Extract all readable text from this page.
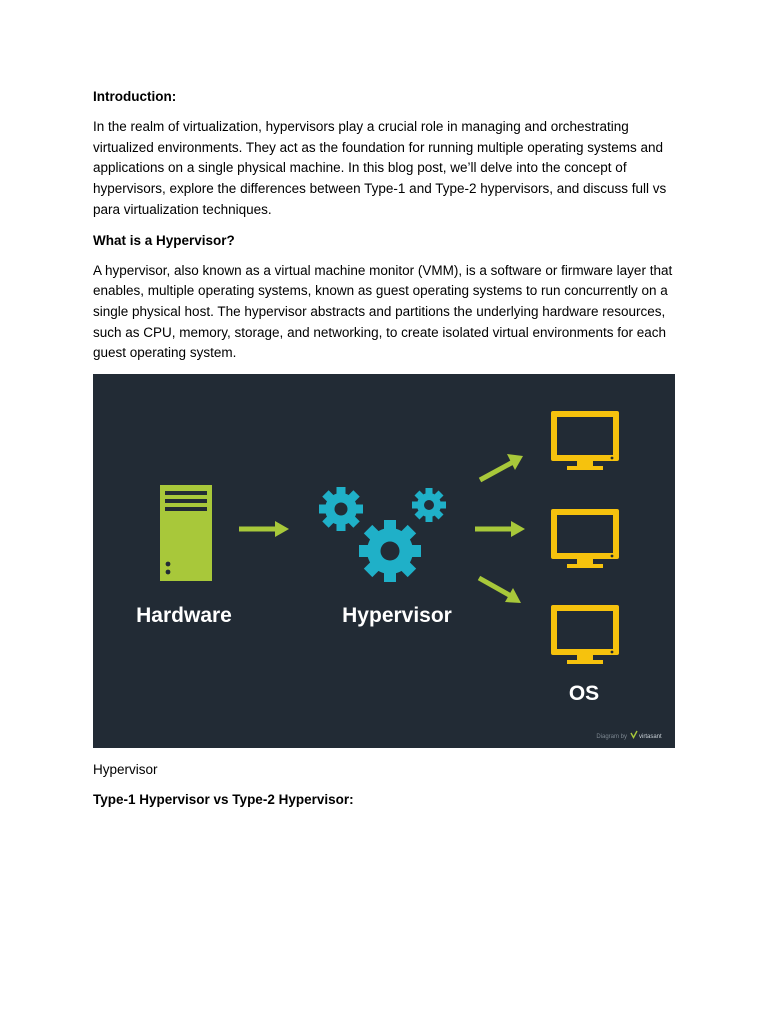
Introduction:
In the realm of virtualization, hypervisors play a crucial role in managing and orchestrating virtualized environments. They act as the foundation for running multiple operating systems and applications on a single physical machine. In this blog post, we’ll delve into the concept of hypervisors, explore the differences between Type-1 and Type-2 hypervisors, and discuss full vs para virtualization techniques.
What is a Hypervisor?
A hypervisor, also known as a virtual machine monitor (VMM), is a software or firmware layer that enables, multiple operating systems, known as guest operating systems to run concurrently on a single physical host. The hypervisor abstracts and partitions the underlying hardware resources, such as CPU, memory, storage, and networking, to create isolated virtual environments for each guest operating system.
Hardware	Hypervisor
OS
Diagram by virtasant
Hypervisor
Type-1 Hypervisor vs Type-2 Hypervisor:
